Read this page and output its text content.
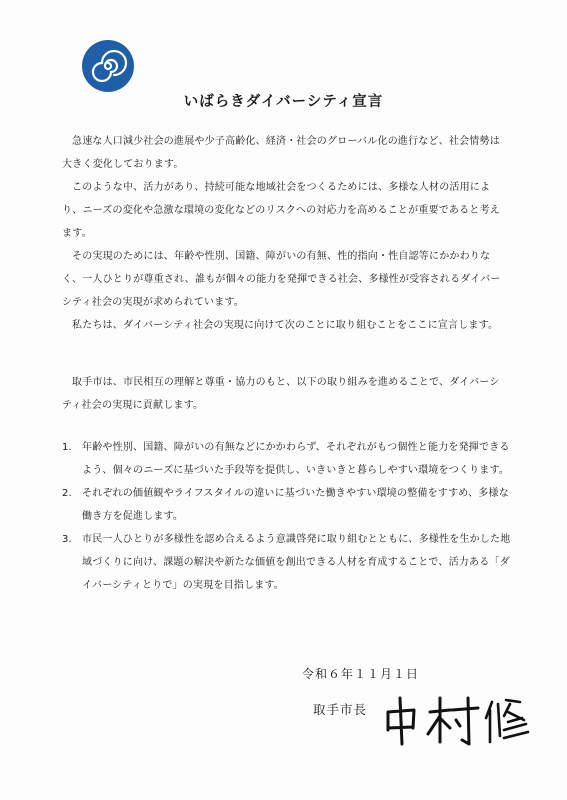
いばらきダイバーシティ宣言

急速な人口減少社会の進展や少子高齢化、経済・社会のグローバル化の進行など、社会情勢は大きく変化しております。

このような中、活力があり、持続可能な地域社会をつくるためには、多様な人材の活用により、ニーズの変化や急激な環境の変化などのリスクへの対応力を高めることが重要であると考えます。

その実現のためには、年齢や性別、国籍、障がいの有無、性的指向・性自認等にかかわりなく、一人ひとりが尊重され、誰もが個々の能力を発揮できる社会、多様性が受容されるダイバーシティ社会の実現が求められています。

私たちは、ダイバーシティ社会の実現に向けて次のことに取り組むことをここに宣言します。

取手市は、市民相互の理解と尊重・協力のもと、以下の取り組みを進めることで、ダイバーシティ社会の実現に貢献します。

1. 年齢や性別、国籍、障がいの有無などにかかわらず、それぞれがもつ個性と能力を発揮できるよう、個々のニーズに基づいた手段等を提供し、いきいきと暮らしやすい環境をつくります。
2. それぞれの価値観やライフスタイルの違いに基づいた働きやすい環境の整備をすすめ、多様な働き方を促進します。
3. 市民一人ひとりが多様性を認め合えるよう意識啓発に取り組むとともに、多様性を生かした地域づくりに向け、課題の解決や新たな価値を創出できる人材を育成することで、活力ある「ダイバーシティとりで」の実現を目指します。
令和６年１１月１日
取手市長
